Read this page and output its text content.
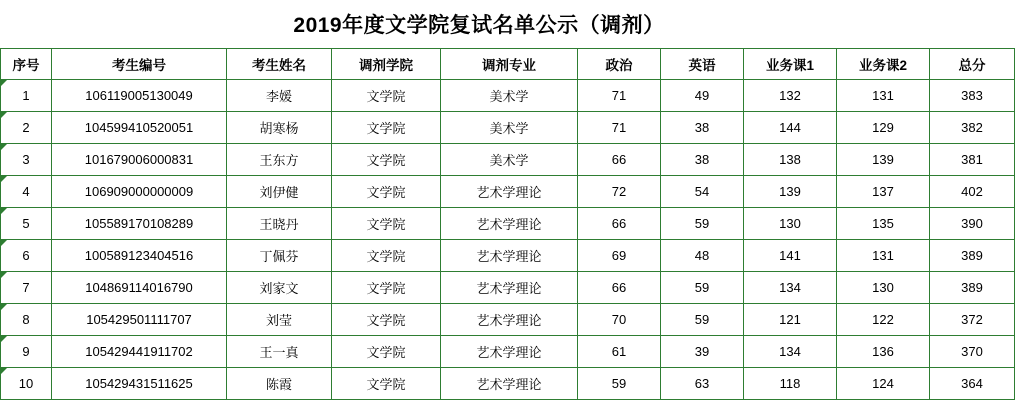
2019年度文学院复试名单公示（调剂）
序号	考生编号	考生姓名	调剂学院	调剂专业	政治	英语	业务课1	业务课2	总分
1	106119005130049	李媛	文学院	美术学	71	49	132	131	383
2	104599410520051	胡寒杨	文学院	美术学	71	38	144	129	382
3	101679006000831	王东方	文学院	美术学	66	38	138	139	381
4	106909000000009	刘伊健	文学院	艺术学理论	72	54	139	137	402
5	105589170108289	王晓丹	文学院	艺术学理论	66	59	130	135	390
6	100589123404516	丁佩芬	文学院	艺术学理论	69	48	141	131	389
7	104869114016790	刘家文	文学院	艺术学理论	66	59	134	130	389
8	105429501111707	刘莹	文学院	艺术学理论	70	59	121	122	372
9	105429441911702	王一真	文学院	艺术学理论	61	39	134	136	370
10	105429431511625	陈霞	文学院	艺术学理论	59	63	118	124	364
